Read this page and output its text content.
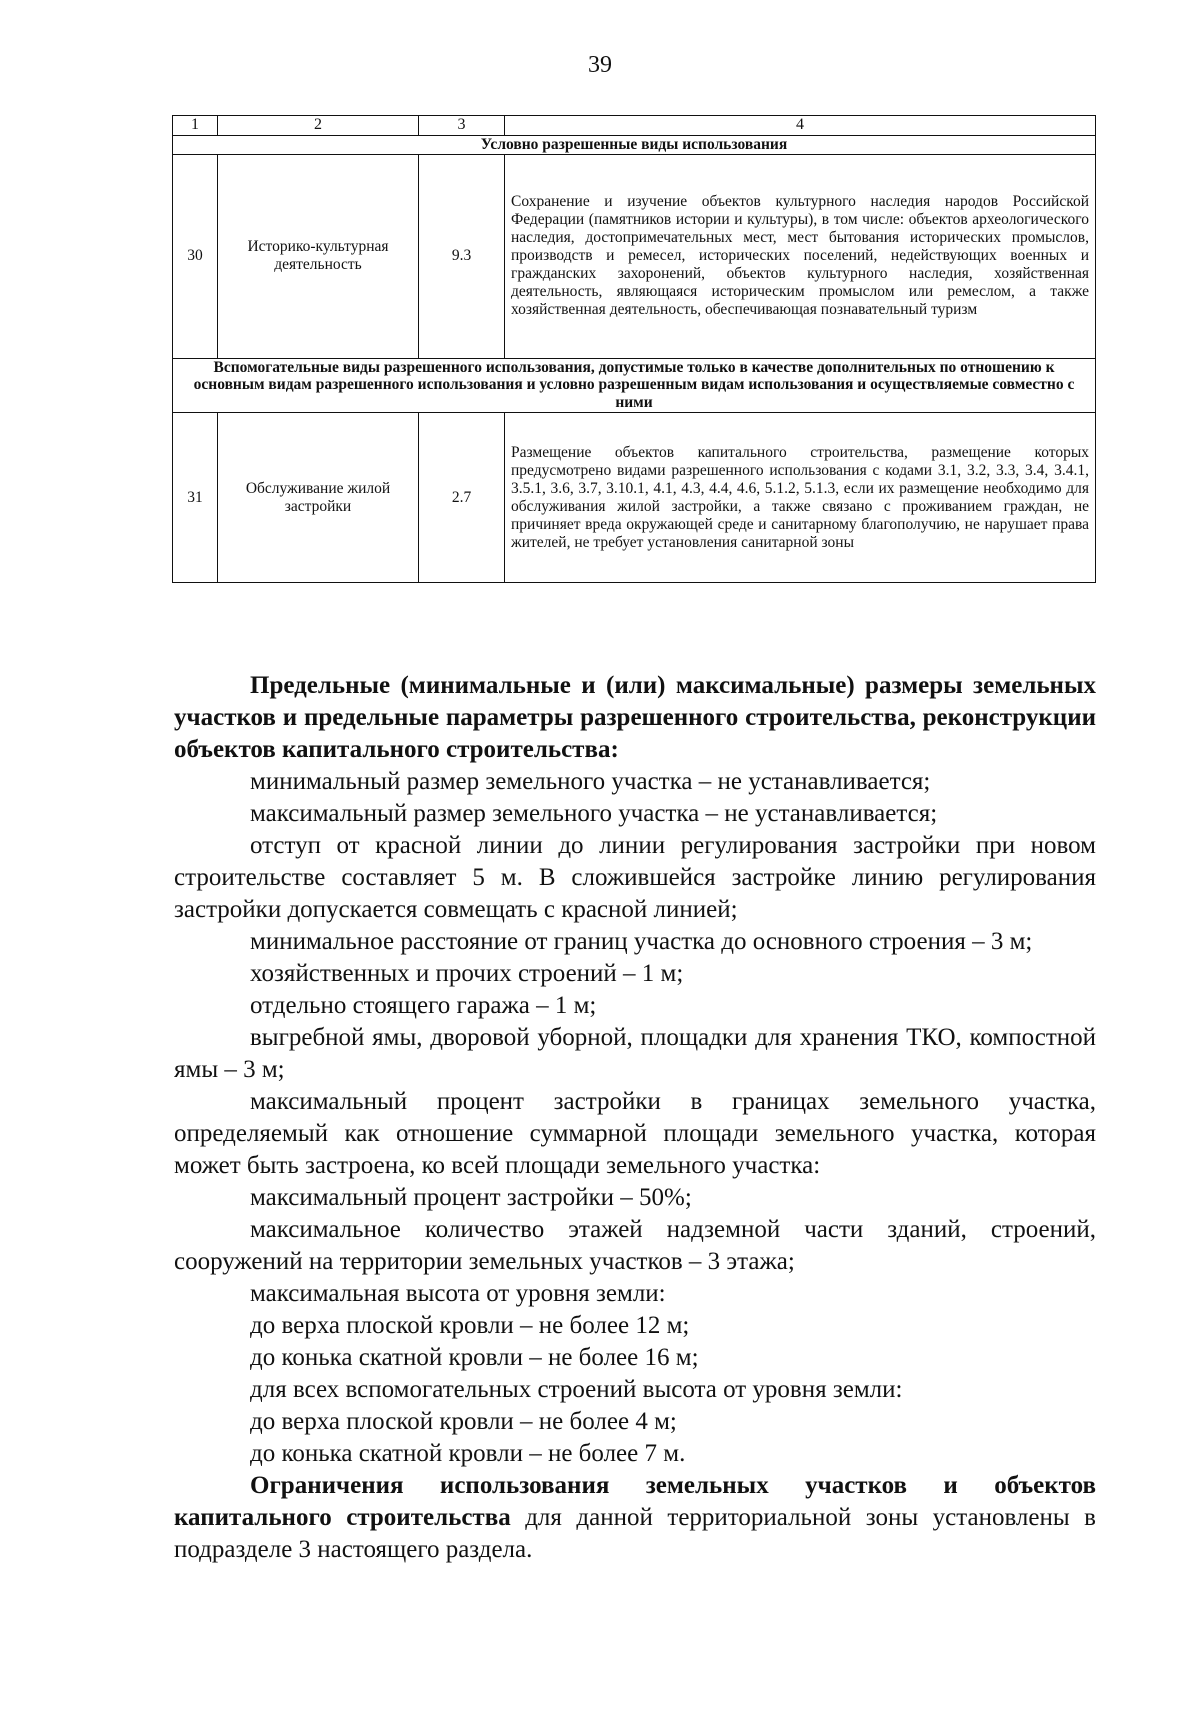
39
1	2	3	4
Условно разрешенные виды использования			
30	Историко-культурная деятельность	9.3	Сохранение и изучение объектов культурного наследия народов Российской Федерации (памятников истории и культуры), в том числе: объектов археологического наследия, достопримечательных мест, мест бытования исторических промыслов, производств и ремесел, исторических поселений, недействующих военных и гражданских захоронений, объектов культурного наследия, хозяйственная деятельность, являющаяся историческим промыслом или ремеслом, а также хозяйственная деятельность, обеспечивающая познавательный туризм
Вспомогательные виды разрешенного использования, допустимые только в качестве дополнительных по отношению к основным видам разрешенного использования и условно разрешенным видам использования и осуществляемые совместно с ними			
31	Обслуживание жилой застройки	2.7	Размещение объектов капитального строительства, размещение которых предусмотрено видами разрешенного использования с кодами 3.1, 3.2, 3.3, 3.4, 3.4.1, 3.5.1, 3.6, 3.7, 3.10.1, 4.1, 4.3, 4.4, 4.6, 5.1.2, 5.1.3, если их размещение необходимо для обслуживания жилой застройки, а также связано с проживанием граждан, не причиняет вреда окружающей среде и санитарному благополучию, не нарушает права жителей, не требует установления санитарной зоны

Предельные (минимальные и (или) максимальные) размеры земельных участков и предельные параметры разрешенного строительства, реконструкции объектов капитального строительства:

минимальный размер земельного участка – не устанавливается;

максимальный размер земельного участка – не устанавливается;

отступ от красной линии до линии регулирования застройки при новом строительстве составляет 5 м. В сложившейся застройке линию регулирования застройки допускается совмещать с красной линией;

минимальное расстояние от границ участка до основного строения – 3 м;

хозяйственных и прочих строений – 1 м;

отдельно стоящего гаража – 1 м;

выгребной ямы, дворовой уборной, площадки для хранения ТКО, компостной ямы – 3 м;

максимальный процент застройки в границах земельного участка, определяемый как отношение суммарной площади земельного участка, которая может быть застроена, ко всей площади земельного участка:

максимальный процент застройки – 50%;

максимальное количество этажей надземной части зданий, строений, сооружений на территории земельных участков – 3 этажа;

максимальная высота от уровня земли:

до верха плоской кровли – не более 12 м;

до конька скатной кровли – не более 16 м;

для всех вспомогательных строений высота от уровня земли:

до верха плоской кровли – не более 4 м;

до конька скатной кровли – не более 7 м.

Ограничения использования земельных участков и объектов капитального строительства для данной территориальной зоны установлены в подразделе 3 настоящего раздела.
